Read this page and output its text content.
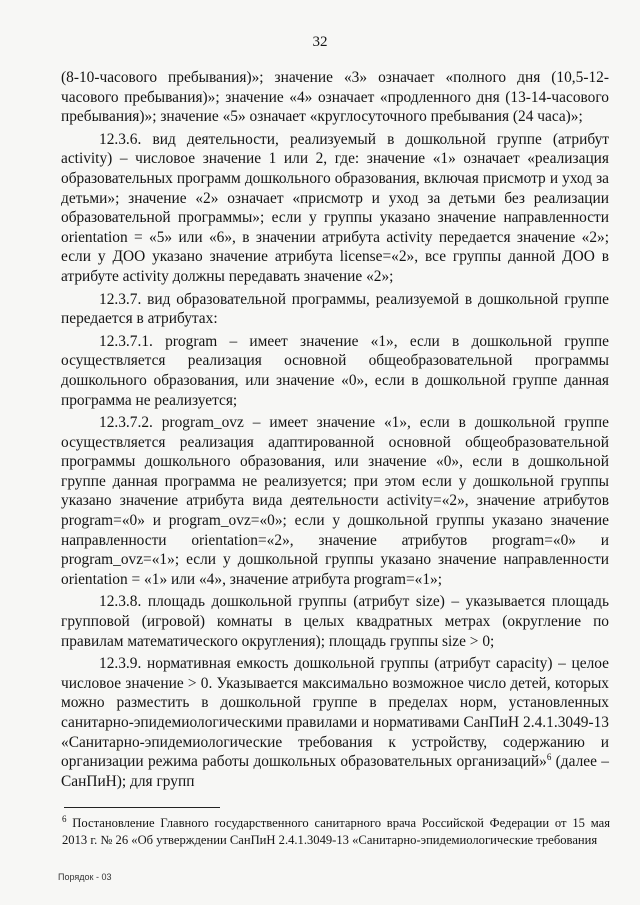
32

(8-10-часового пребывания)»; значение «3» означает «полного дня (10,5-12-часового пребывания)»; значение «4» означает «продленного дня (13-14-часового пребывания)»; значение «5» означает «круглосуточного пребывания (24 часа)»;

12.3.6. вид деятельности, реализуемый в дошкольной группе (атрибут activity) – числовое значение 1 или 2, где: значение «1» означает «реализация образовательных программ дошкольного образования, включая присмотр и уход за детьми»; значение «2» означает «присмотр и уход за детьми без реализации образовательной программы»; если у группы указано значение направленности orientation = «5» или «6», в значении атрибута activity передается значение «2»; если у ДОО указано значение атрибута license=«2», все группы данной ДОО в атрибуте activity должны передавать значение «2»;

12.3.7. вид образовательной программы, реализуемой в дошкольной группе передается в атрибутах:

12.3.7.1. program – имеет значение «1», если в дошкольной группе осуществляется реализация основной общеобразовательной программы дошкольного образования, или значение «0», если в дошкольной группе данная программа не реализуется;

12.3.7.2. program_ovz – имеет значение «1», если в дошкольной группе осуществляется реализация адаптированной основной общеобразовательной программы дошкольного образования, или значение «0», если в дошкольной группе данная программа не реализуется; при этом если у дошкольной группы указано значение атрибута вида деятельности activity=«2», значение атрибутов program=«0» и program_ovz=«0»; если у дошкольной группы указано значение направленности orientation=«2», значение атрибутов program=«0» и program_ovz=«1»; если у дошкольной группы указано значение направленности orientation = «1» или «4», значение атрибута program=«1»;

12.3.8. площадь дошкольной группы (атрибут size) – указывается площадь групповой (игровой) комнаты в целых квадратных метрах (округление по правилам математического округления); площадь группы size > 0;

12.3.9. нормативная емкость дошкольной группы (атрибут capacity) – целое числовое значение > 0. Указывается максимально возможное число детей, которых можно разместить в дошкольной группе в пределах норм, установленных санитарно-эпидемиологическими правилами и нормативами СанПиН 2.4.1.3049-13 «Санитарно-эпидемиологические требования к устройству, содержанию и организации режима работы дошкольных образовательных организаций»$^6$ (далее – СанПиН); для групп

$^6$ Постановление Главного государственного санитарного врача Российской Федерации от 15 мая 2013 г. № 26 «Об утверждении СанПиН 2.4.1.3049-13 «Санитарно-эпидемиологические требования

Порядок - 03
